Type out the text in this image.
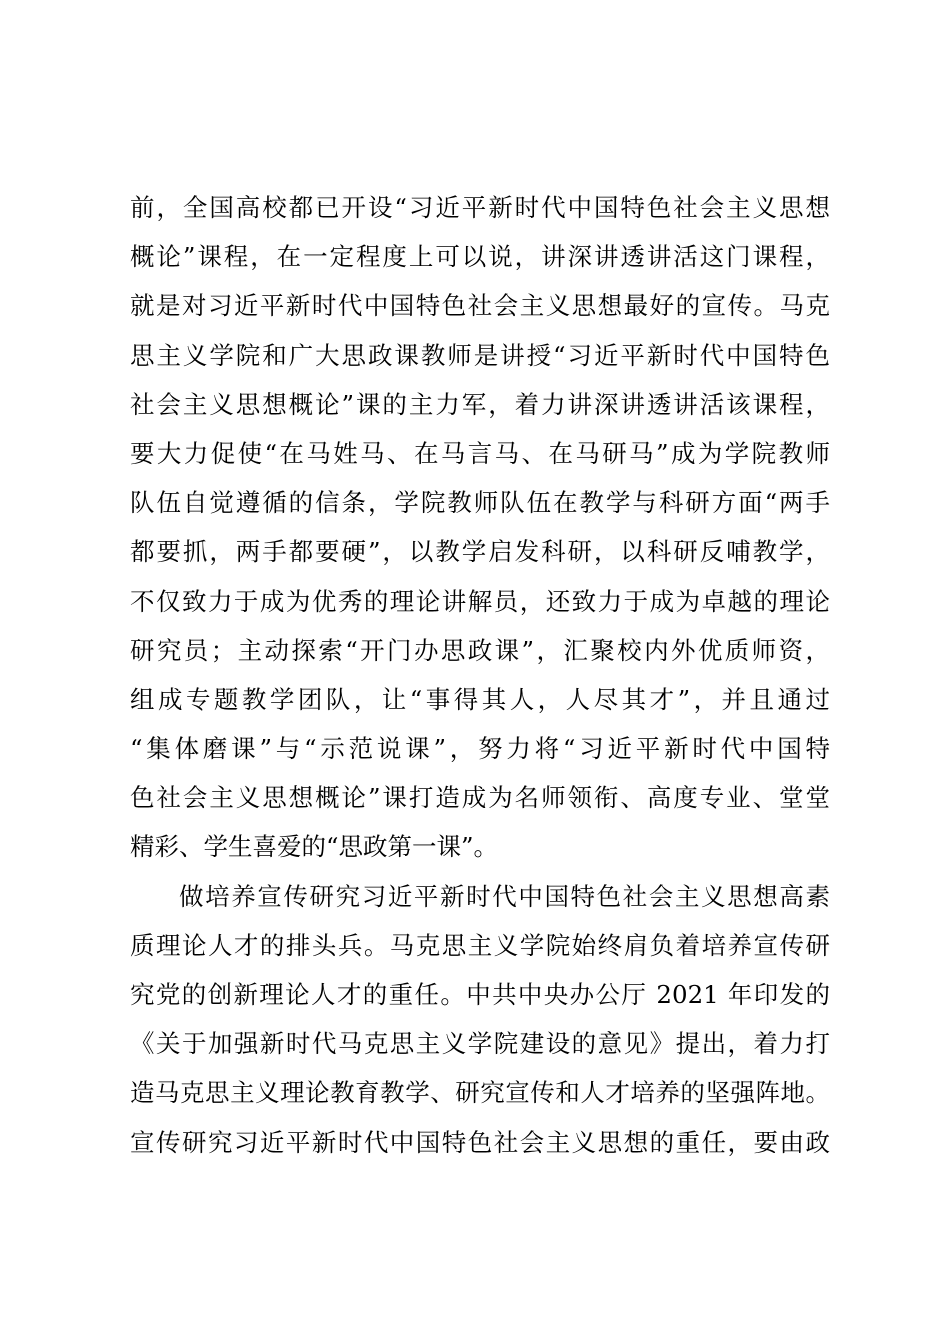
前，全国高校都已开设“习近平新时代中国特色社会主义思想
概论”课程，在一定程度上可以说，讲深讲透讲活这门课程，
就是对习近平新时代中国特色社会主义思想最好的宣传。马克
思主义学院和广大思政课教师是讲授“习近平新时代中国特色
社会主义思想概论”课的主力军，着力讲深讲透讲活该课程，
要大力促使“在马姓马、在马言马、在马研马”成为学院教师
队伍自觉遵循的信条，学院教师队伍在教学与科研方面“两手
都要抓，两手都要硬”，以教学启发科研，以科研反哺教学，
不仅致力于成为优秀的理论讲解员，还致力于成为卓越的理论
研究员；主动探索“开门办思政课”，汇聚校内外优质师资，
组成专题教学团队，让“事得其人，人尽其才”，并且通过
“集体磨课”与“示范说课”，努力将“习近平新时代中国特
色社会主义思想概论”课打造成为名师领衔、高度专业、堂堂
精彩、学生喜爱的“思政第一课”。
做培养宣传研究习近平新时代中国特色社会主义思想高素
质理论人才的排头兵。马克思主义学院始终肩负着培养宣传研
究党的创新理论人才的重任。中共中央办公厅 2021 年印发的
《关于加强新时代马克思主义学院建设的意见》提出，着力打
造马克思主义理论教育教学、研究宣传和人才培养的坚强阵地。
宣传研究习近平新时代中国特色社会主义思想的重任，要由政
